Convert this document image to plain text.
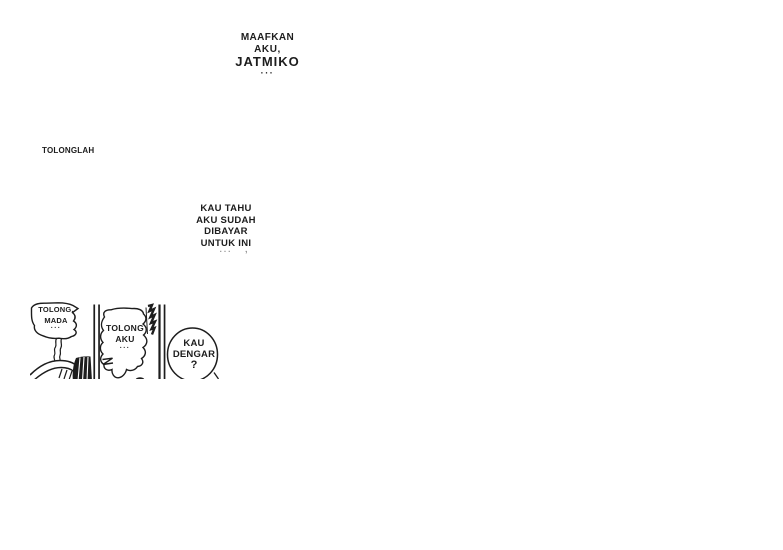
MAAFKAN
AKU,
JATMIKO
···
TOLONGLAH
KAU TAHU
AKU SUDAH
DIBAYAR
UNTUK INI
···	ʼ
TOLONG,
MADA
···	TOLONG
AKU
···	KAU
DENGAR
?
